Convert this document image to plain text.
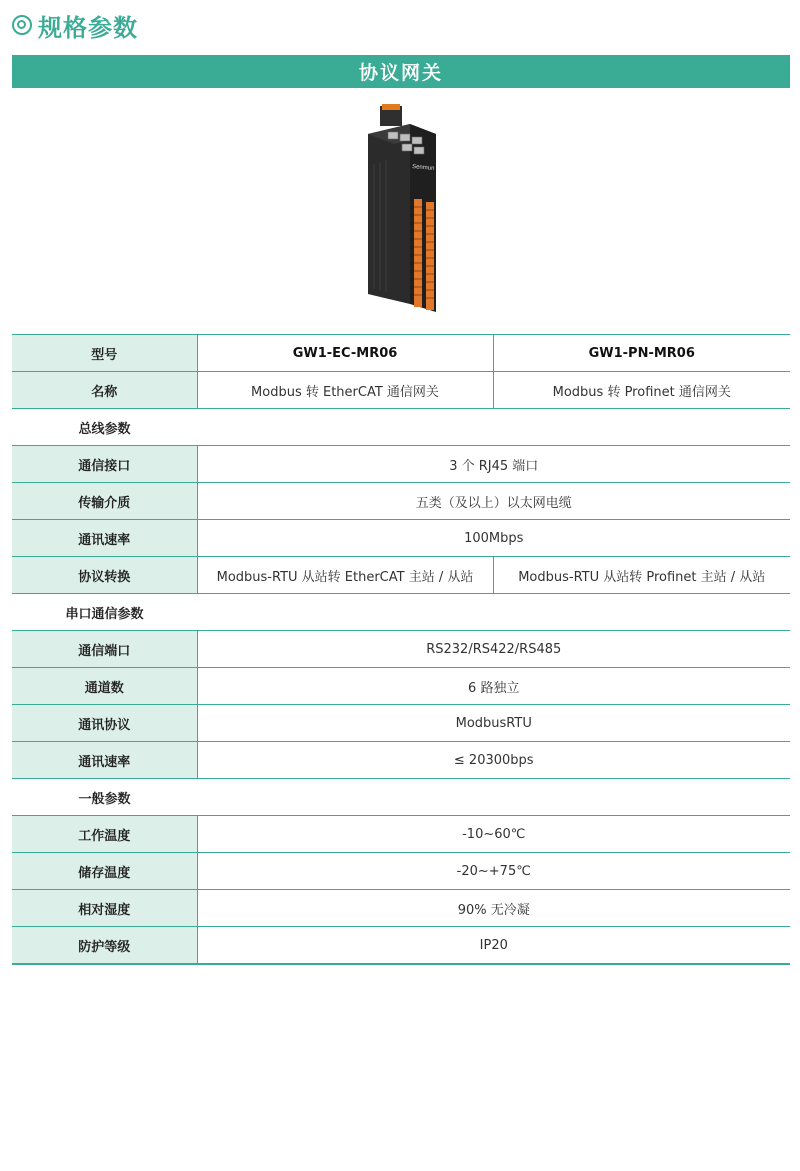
规格参数
协议网关
Senmun
型号	GW1-EC-MR06	GW1-PN-MR06
名称	Modbus 转 EtherCAT 通信网关	Modbus 转 Profinet 通信网关
总线参数		
通信接口	3 个 RJ45 端口	
传输介质	五类（及以上）以太网电缆	
通讯速率	100Mbps	
协议转换	Modbus-RTU 从站转 EtherCAT 主站 / 从站	Modbus-RTU 从站转 Profinet 主站 / 从站
串口通信参数		
通信端口	RS232/RS422/RS485	
通道数	6 路独立	
通讯协议	ModbusRTU	
通讯速率	≤ 20300bps	
一般参数		
工作温度	-10~60℃	
储存温度	-20~+75℃	
相对湿度	90% 无冷凝	
防护等级	IP20	
